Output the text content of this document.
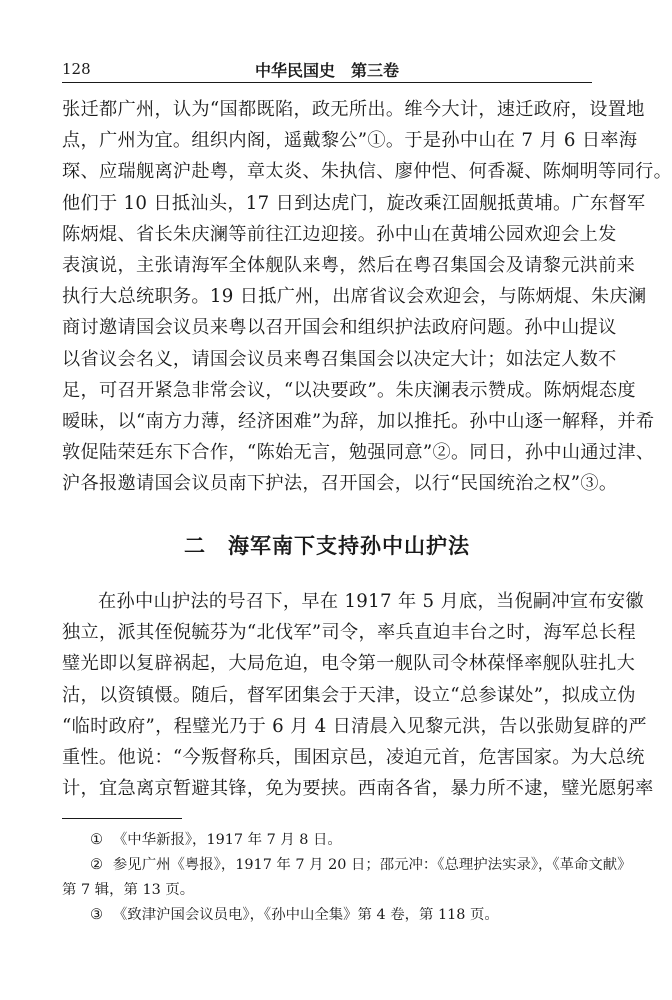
128	中华民国史　第三卷
张迁都广州，认为“国都既陷，政无所出。维今大计，速迁政府，设置地
点，广州为宜。组织内阁，遥戴黎公”①。于是孙中山在 7 月 6 日率海
琛、应瑞舰离沪赴粤，章太炎、朱执信、廖仲恺、何香凝、陈炯明等同行。
他们于 10 日抵汕头，17 日到达虎门，旋改乘江固舰抵黄埔。广东督军
陈炳焜、省长朱庆澜等前往江边迎接。孙中山在黄埔公园欢迎会上发
表演说，主张请海军全体舰队来粤，然后在粤召集国会及请黎元洪前来
执行大总统职务。19 日抵广州，出席省议会欢迎会，与陈炳焜、朱庆澜
商讨邀请国会议员来粤以召开国会和组织护法政府问题。孙中山提议
以省议会名义，请国会议员来粤召集国会以决定大计；如法定人数不
足，可召开紧急非常会议，“以决要政”。朱庆澜表示赞成。陈炳焜态度
暧昧，以“南方力薄，经济困难”为辞，加以推托。孙中山逐一解释，并希
敦促陆荣廷东下合作，“陈始无言，勉强同意”②。同日，孙中山通过津、
沪各报邀请国会议员南下护法，召开国会，以行“民国统治之权”③。
二 海军南下支持孙中山护法
在孙中山护法的号召下，早在 1917 年 5 月底，当倪嗣冲宣布安徽
独立，派其侄倪毓芬为“北伐军”司令，率兵直迫丰台之时，海军总长程
璧光即以复辟祸起，大局危迫，电令第一舰队司令林葆怿率舰队驻扎大
沽，以资镇慑。随后，督军团集会于天津，设立“总参谋处”，拟成立伪
“临时政府”，程璧光乃于 6 月 4 日清晨入见黎元洪，告以张勋复辟的严
重性。他说：“今叛督称兵，围困京邑，凌迫元首，危害国家。为大总统
计，宜急离京暂避其锋，免为要挟。西南各省，暴力所不逮，璧光愿躬率
① 《中华新报》，1917 年 7 月 8 日。
② 参见广州《粤报》，1917 年 7 月 20 日；邵元冲：《总理护法实录》，《革命文献》
第 7 辑，第 13 页。
③ 《致津沪国会议员电》，《孙中山全集》第 4 卷，第 118 页。
